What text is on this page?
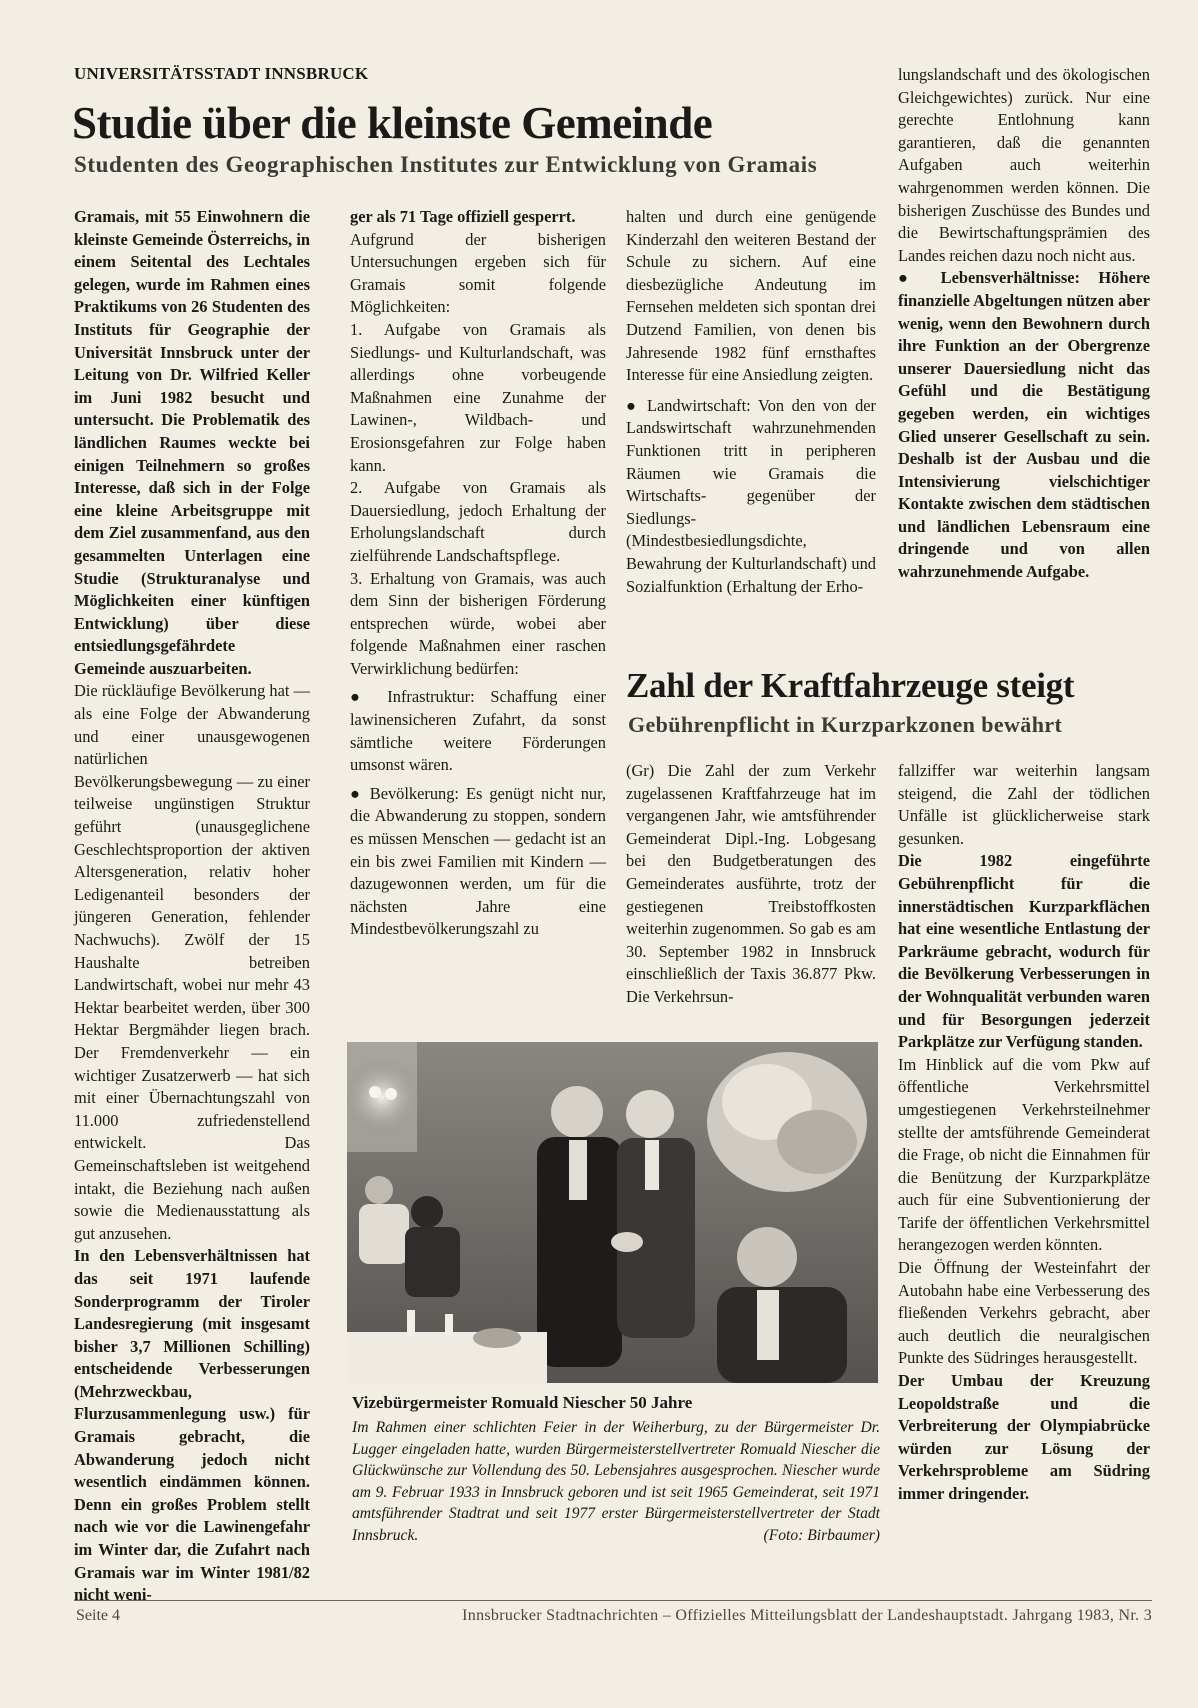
UNIVERSITÄTSSTADT INNSBRUCK
Studie über die kleinste Gemeinde
Studenten des Geographischen Institutes zur Entwicklung von Gramais

Gramais, mit 55 Einwohnern die kleinste Gemeinde Österreichs, in einem Seitental des Lechtales gelegen, wurde im Rahmen eines Praktikums von 26 Studenten des Instituts für Geographie der Universität Innsbruck unter der Leitung von Dr. Wilfried Keller im Juni 1982 besucht und untersucht. Die Problematik des ländlichen Raumes weckte bei einigen Teilnehmern so großes Interesse, daß sich in der Folge eine kleine Arbeitsgruppe mit dem Ziel zusammenfand, aus den gesammelten Unterlagen eine Studie (Strukturanalyse und Möglichkeiten einer künftigen Entwicklung) über diese entsiedlungsgefährdete Gemeinde auszuarbeiten.

Die rückläufige Bevölkerung hat — als eine Folge der Abwanderung und einer unausgewogenen natürlichen Bevölkerungsbewegung — zu einer teilweise ungünstigen Struktur geführt (unausgeglichene Geschlechtsproportion der aktiven Altersgeneration, relativ hoher Ledigenanteil besonders der jüngeren Generation, fehlender Nachwuchs). Zwölf der 15 Haushalte betreiben Landwirtschaft, wobei nur mehr 43 Hektar bearbeitet werden, über 300 Hektar Bergmähder liegen brach. Der Fremdenverkehr — ein wichtiger Zusatzerwerb — hat sich mit einer Übernachtungszahl von 11.000 zufriedenstellend entwickelt. Das Gemeinschaftsleben ist weitgehend intakt, die Beziehung nach außen sowie die Medienausstattung als gut anzusehen.

In den Lebensverhältnissen hat das seit 1971 laufende Sonderprogramm der Tiroler Landesregierung (mit insgesamt bisher 3,7 Millionen Schilling) entscheidende Verbesserungen (Mehrzweckbau, Flurzusammenlegung usw.) für Gramais gebracht, die Abwanderung jedoch nicht wesentlich eindämmen können. Denn ein großes Problem stellt nach wie vor die Lawinengefahr im Winter dar, die Zufahrt nach Gramais war im Winter 1981/82 nicht weni-

ger als 71 Tage offiziell gesperrt.

Aufgrund der bisherigen Untersuchungen ergeben sich für Gramais somit folgende Möglichkeiten:

1. Aufgabe von Gramais als Siedlungs- und Kulturlandschaft, was allerdings ohne vorbeugende Maßnahmen eine Zunahme der Lawinen-, Wildbach- und Erosionsgefahren zur Folge haben kann.

2. Aufgabe von Gramais als Dauersiedlung, jedoch Erhaltung der Erholungslandschaft durch zielführende Landschaftspflege.

3. Erhaltung von Gramais, was auch dem Sinn der bisherigen Förderung entsprechen würde, wobei aber folgende Maßnahmen einer raschen Verwirklichung bedürfen:

● Infrastruktur: Schaffung einer lawinensicheren Zufahrt, da sonst sämtliche weitere Förderungen umsonst wären.

● Bevölkerung: Es genügt nicht nur, die Abwanderung zu stoppen, sondern es müssen Menschen — gedacht ist an ein bis zwei Familien mit Kindern — dazugewonnen werden, um für die nächsten Jahre eine Mindestbevölkerungszahl zu

halten und durch eine genügende Kinderzahl den weiteren Bestand der Schule zu sichern. Auf eine diesbezügliche Andeutung im Fernsehen meldeten sich spontan drei Dutzend Familien, von denen bis Jahresende 1982 fünf ernsthaftes Interesse für eine Ansiedlung zeigten.

● Landwirtschaft: Von den von der Landswirtschaft wahrzunehmenden Funktionen tritt in peripheren Räumen wie Gramais die Wirtschafts- gegenüber der Siedlungs- (Mindestbesiedlungsdichte, Bewahrung der Kulturlandschaft) und Sozialfunktion (Erhaltung der Erho-

lungslandschaft und des ökologischen Gleichgewichtes) zurück. Nur eine gerechte Entlohnung kann garantieren, daß die genannten Aufgaben auch weiterhin wahrgenommen werden können. Die bisherigen Zuschüsse des Bundes und die Bewirtschaftungsprämien des Landes reichen dazu noch nicht aus.

● Lebensverhältnisse: Höhere finanzielle Abgeltungen nützen aber wenig, wenn den Bewohnern durch ihre Funktion an der Obergrenze unserer Dauersiedlung nicht das Gefühl und die Bestätigung gegeben werden, ein wichtiges Glied unserer Gesellschaft zu sein. Deshalb ist der Ausbau und die Intensivierung vielschichtiger Kontakte zwischen dem städtischen und ländlichen Lebensraum eine dringende und von allen wahrzunehmende Aufgabe.

Zahl der Kraftfahrzeuge steigt
Gebührenpflicht in Kurzparkzonen bewährt

(Gr) Die Zahl der zum Verkehr zugelassenen Kraftfahrzeuge hat im vergangenen Jahr, wie amtsführender Gemeinderat Dipl.-Ing. Lobgesang bei den Budgetberatungen des Gemeinderates ausführte, trotz der gestiegenen Treibstoffkosten weiterhin zugenommen. So gab es am 30. September 1982 in Innsbruck einschließlich der Taxis 36.877 Pkw. Die Verkehrsun-

fallziffer war weiterhin langsam steigend, die Zahl der tödlichen Unfälle ist glücklicherweise stark gesunken.

Die 1982 eingeführte Gebührenpflicht für die innerstädtischen Kurzparkflächen hat eine wesentliche Entlastung der Parkräume gebracht, wodurch für die Bevölkerung Verbesserungen in der Wohnqualität verbunden waren und für Besorgungen jederzeit Parkplätze zur Verfügung standen.

Im Hinblick auf die vom Pkw auf öffentliche Verkehrsmittel umgestiegenen Verkehrsteilnehmer stellte der amtsführende Gemeinderat die Frage, ob nicht die Einnahmen für die Benützung der Kurzparkplätze auch für eine Subventionierung der Tarife der öffentlichen Verkehrsmittel herangezogen werden könnten.

Die Öffnung der Westeinfahrt der Autobahn habe eine Verbesserung des fließenden Verkehrs gebracht, aber auch deutlich die neuralgischen Punkte des Südringes herausgestellt.

Der Umbau der Kreuzung Leopoldstraße und die Verbreiterung der Olympiabrücke würden zur Lösung der Verkehrsprobleme am Südring immer dringender.

Vizebürgermeister Romuald Niescher 50 Jahre

Im Rahmen einer schlichten Feier in der Weiherburg, zu der Bürgermeister Dr. Lugger eingeladen hatte, wurden Bürgermeisterstellvertreter Romuald Niescher die Glückwünsche zur Vollendung des 50. Lebensjahres ausgesprochen. Niescher wurde am 9. Februar 1933 in Innsbruck geboren und ist seit 1965 Gemeinderat, seit 1971 amtsführender Stadtrat und seit 1977 erster Bürgermeisterstellvertreter der Stadt Innsbruck.	(Foto: Birbaumer)

Seite 4	Innsbrucker Stadtnachrichten – Offizielles Mitteilungsblatt der Landeshauptstadt. Jahrgang 1983, Nr. 3
